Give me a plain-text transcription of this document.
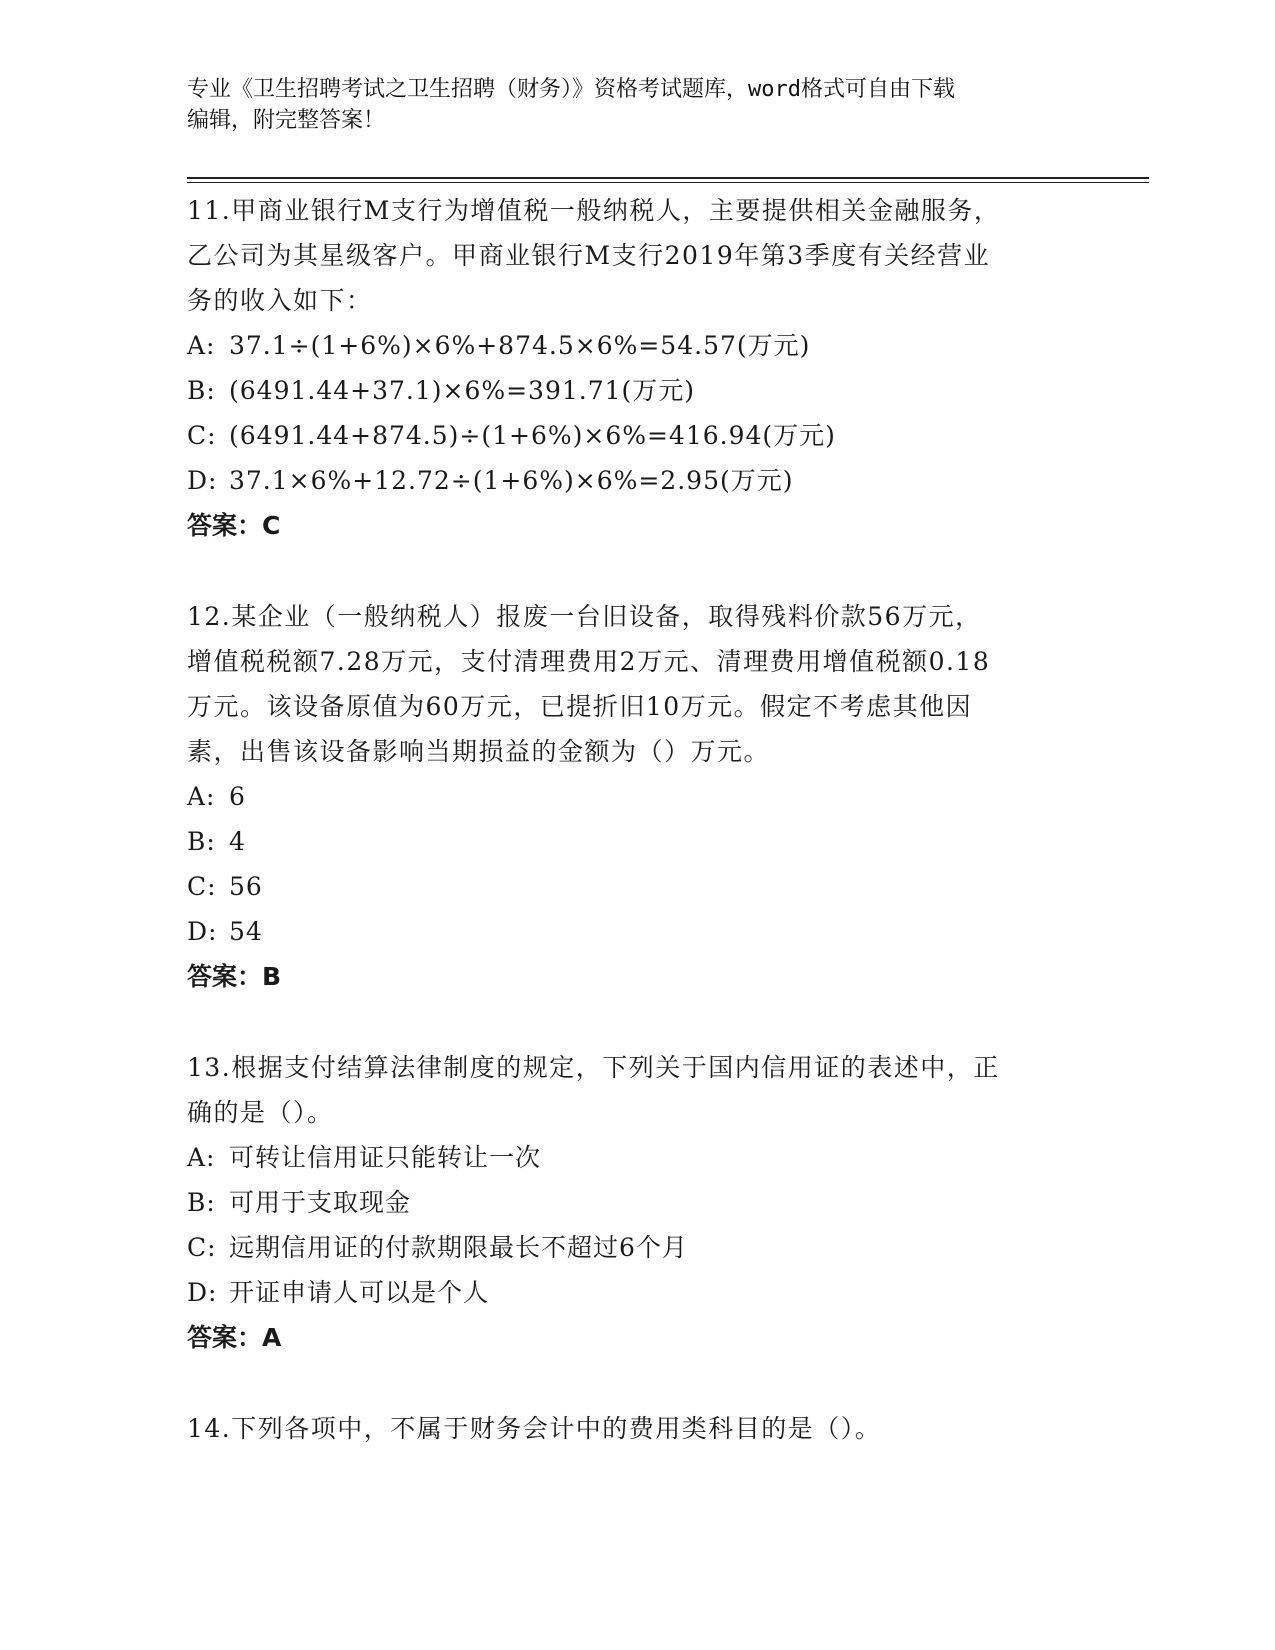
专业《卫生招聘考试之卫生招聘（财务）》资格考试题库，word格式可自由下载
编辑，附完整答案！
11.甲商业银行M支行为增值税一般纳税人，主要提供相关金融服务，
乙公司为其星级客户。甲商业银行M支行2019年第3季度有关经营业
务的收入如下：
A: 37.1÷(1+6%)×6%+874.5×6%=54.57(万元)
B: (6491.44+37.1)×6%=391.71(万元)
C: (6491.44+874.5)÷(1+6%)×6%=416.94(万元)
D: 37.1×6%+12.72÷(1+6%)×6%=2.95(万元)
答案：C
12.某企业（一般纳税人）报废一台旧设备，取得残料价款56万元，
增值税税额7.28万元，支付清理费用2万元、清理费用增值税额0.18
万元。该设备原值为60万元，已提折旧10万元。假定不考虑其他因
素，出售该设备影响当期损益的金额为（）万元。
A: 6
B: 4
C: 56
D: 54
答案：B
13.根据支付结算法律制度的规定，下列关于国内信用证的表述中，正
确的是（）。
A: 可转让信用证只能转让一次
B: 可用于支取现金
C: 远期信用证的付款期限最长不超过6个月
D: 开证申请人可以是个人
答案：A
14.下列各项中，不属于财务会计中的费用类科目的是（）。
